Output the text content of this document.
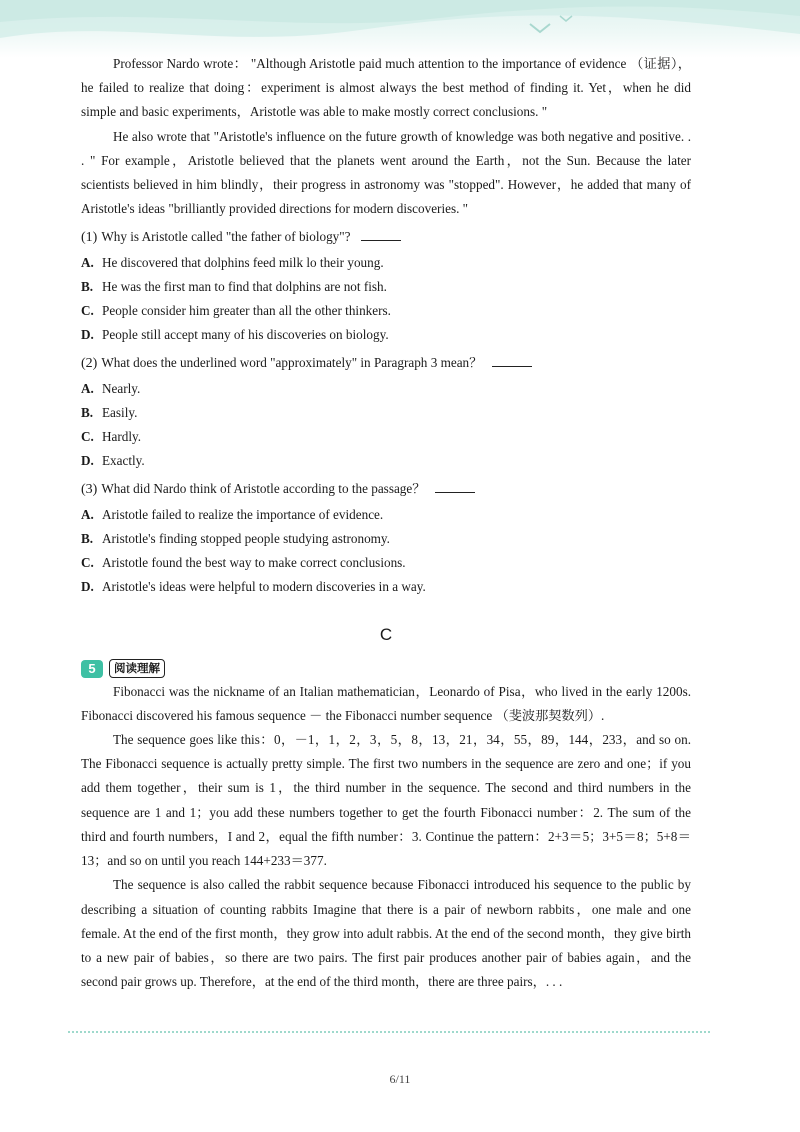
Professor Nardo wrote： "Although Aristotle paid much attention to the importance of evidence （证据），he failed to realize that doing：experiment is almost always the best method of finding it. Yet，when he did simple and basic experiments，Aristotle was able to make mostly correct conclusions. "

He also wrote that "Aristotle's influence on the future growth of knowledge was both negative and positive. . . " For example，Aristotle believed that the planets went around the Earth，not the Sun. Because the later scientists believed in him blindly，their progress in astronomy was "stopped". However，he added that many of Aristotle's ideas "brilliantly provided directions for modern discoveries. "

(1) Why is Aristotle called "the father of biology"?

A. He discovered that dolphins feed milk lo their young.

B. He was the first man to find that dolphins are not fish.

C. People consider him greater than all the other thinkers.

D. People still accept many of his discoveries on biology.

(2) What does the underlined word "approximately" in Paragraph 3 mean？

A. Nearly.

B. Easily.

C. Hardly.

D. Exactly.

(3) What did Nardo think of Aristotle according to the passage？

A. Aristotle failed to realize the importance of evidence.

B. Aristotle's finding stopped people studying astronomy.

C. Aristotle found the best way to make correct conclusions.

D. Aristotle's ideas were helpful to modern discoveries in a way.

C
5	阅读理解

Fibonacci was the nickname of an Italian mathematician，Leonardo of Pisa，who lived in the early 1200s. Fibonacci discovered his famous sequence － the Fibonacci number sequence （斐波那契数列）.

The sequence goes like this：0，－1，1，2，3，5，8，13，21，34，55，89，144，233，and so on. The Fibonacci sequence is actually pretty simple. The first two numbers in the sequence are zero and one；if you add them together，their sum is 1，the third number in the sequence. The second and third numbers in the sequence are 1 and 1；you add these numbers together to get the fourth Fibonacci number：2. The sum of the third and fourth numbers，I and 2，equal the fifth number：3. Continue the pattern：2+3＝5；3+5＝8；5+8＝13；and so on until you reach 144+233＝377.

The sequence is also called the rabbit sequence because Fibonacci introduced his sequence to the public by describing a situation of counting rabbits Imagine that there is a pair of newborn rabbits，one male and one female. At the end of the first month，they grow into adult rabbis. At the end of the second month，they give birth to a new pair of babies，so there are two pairs. The first pair produces another pair of babies again，and the second pair grows up. Therefore，at the end of the third month，there are three pairs，. . .

6/11
